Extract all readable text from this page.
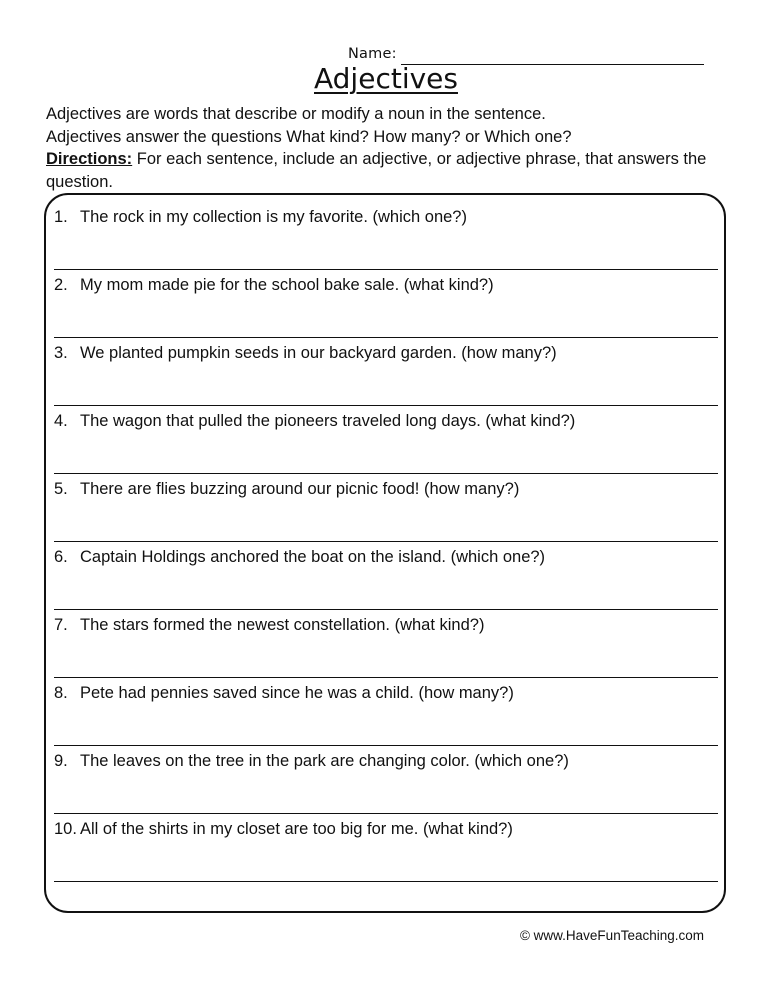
Name:
Adjectives

Adjectives are words that describe or modify a noun in the sentence.

Adjectives answer the questions What kind? How many? or Which one?

Directions: For each sentence, include an adjective, or adjective phrase, that answers the question.

1. The rock in my collection is my favorite. (which one?)
2. My mom made pie for the school bake sale. (what kind?)
3. We planted pumpkin seeds in our backyard garden. (how many?)
4. The wagon that pulled the pioneers traveled long days. (what kind?)
5. There are flies buzzing around our picnic food! (how many?)
6. Captain Holdings anchored the boat on the island. (which one?)
7. The stars formed the newest constellation. (what kind?)
8. Pete had pennies saved since he was a child. (how many?)
9. The leaves on the tree in the park are changing color. (which one?)
10. All of the shirts in my closet are too big for me. (what kind?)
© www.HaveFunTeaching.com
